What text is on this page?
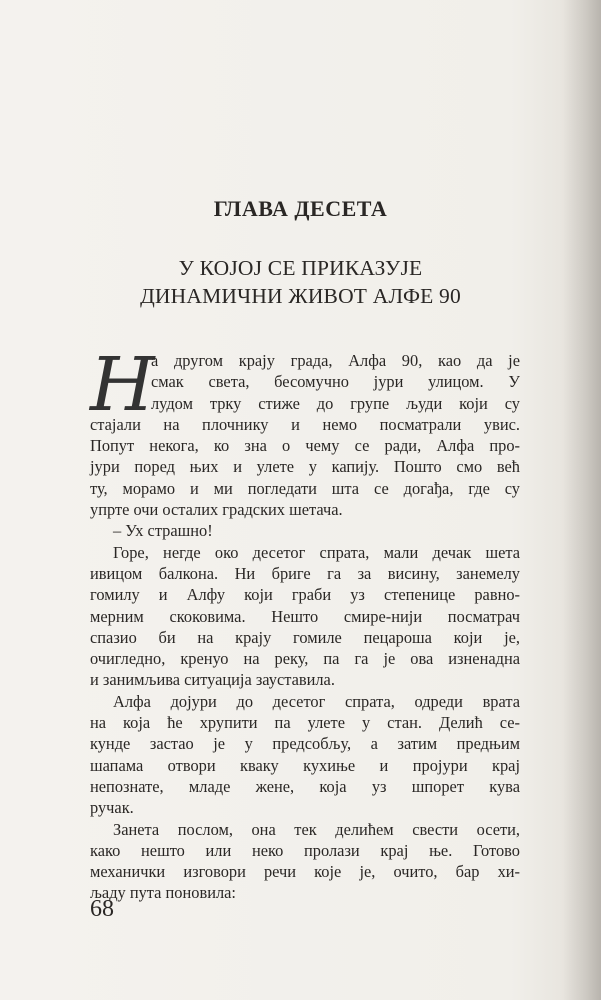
ГЛАВА ДЕСЕТА
У КОЈОЈ СЕ ПРИКАЗУЈЕ
ДИНАМИЧНИ ЖИВОТ АЛФЕ 90
Н
а другом крају града, Алфа 90, као да је
смак света, бесомучно јури улицом. У
лудом трку стиже до групе људи који су
стајали на плочнику и немо посматрали увис.
Попут некога, ко зна о чему се ради, Алфа про-
јури поред њих и улете у капију. Пошто смо већ
ту, морамо и ми погледати шта се догађа, где су
упрте очи осталих градских шетача.
– Ух страшно!
Горе, негде око десетог спрата, мали дечак шета
ивицом балкона. Ни бриге га за висину, занемелу
гомилу и Алфу који граби уз степенице равно-
мерним скоковима. Нешто смире-нији посматрач
спазио би на крају гомиле пецароша који је,
очигледно, кренуо на реку, па га је ова изненадна
и занимљива ситуација зауставила.
Алфа дојури до десетог спрата, одреди врата
на која ће хрупити па улете у стан. Делић се-
кунде застао је у предсобљу, а затим предњим
шапама отвори кваку кухиње и пројури крај
непознате, младе жене, која уз шпорет кува
ручак.
Занета послом, она тек делићем свести осети,
како нешто или неко пролази крај ње. Готово
механички изговори речи које је, очито, бар хи-
љаду пута поновила:
68
